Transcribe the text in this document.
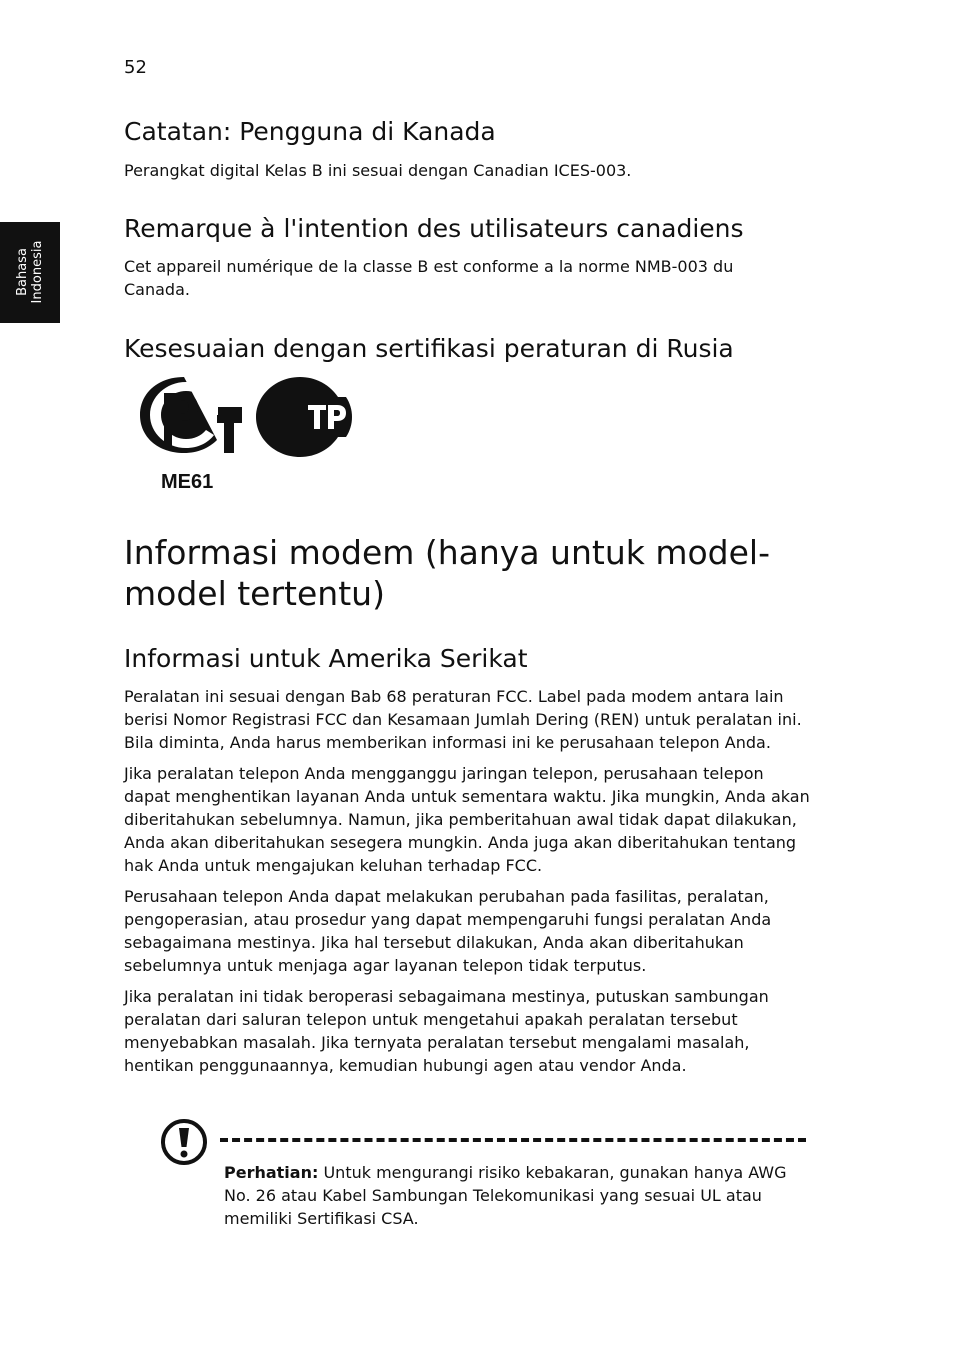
52
Bahasa Indonesia
Catatan: Pengguna di Kanada

Perangkat digital Kelas B ini sesuai dengan Canadian ICES-003.

Remarque à l'intention des utilisateurs canadiens

Cet appareil numérique de la classe B est conforme a la norme NMB-003 du Canada.

Kesesuaian dengan sertifikasi peraturan di Rusia
ME61
Informasi modem (hanya untuk model-model tertentu)
Informasi untuk Amerika Serikat

Peralatan ini sesuai dengan Bab 68 peraturan FCC. Label pada modem antara lain berisi Nomor Registrasi FCC dan Kesamaan Jumlah Dering (REN) untuk peralatan ini. Bila diminta, Anda harus memberikan informasi ini ke perusahaan telepon Anda.

Jika peralatan telepon Anda mengganggu jaringan telepon, perusahaan telepon dapat menghentikan layanan Anda untuk sementara waktu. Jika mungkin, Anda akan diberitahukan sebelumnya. Namun, jika pemberitahuan awal tidak dapat dilakukan, Anda akan diberitahukan sesegera mungkin. Anda juga akan diberitahukan tentang hak Anda untuk mengajukan keluhan terhadap FCC.

Perusahaan telepon Anda dapat melakukan perubahan pada fasilitas, peralatan, pengoperasian, atau prosedur yang dapat mempengaruhi fungsi peralatan Anda sebagaimana mestinya. Jika hal tersebut dilakukan, Anda akan diberitahukan sebelumnya untuk menjaga agar layanan telepon tidak terputus.

Jika peralatan ini tidak beroperasi sebagaimana mestinya, putuskan sambungan peralatan dari saluran telepon untuk mengetahui apakah peralatan tersebut menyebabkan masalah. Jika ternyata peralatan tersebut mengalami masalah, hentikan penggunaannya, kemudian hubungi agen atau vendor Anda.

Perhatian: Untuk mengurangi risiko kebakaran, gunakan hanya AWG No. 26 atau Kabel Sambungan Telekomunikasi yang sesuai UL atau memiliki Sertifikasi CSA.
